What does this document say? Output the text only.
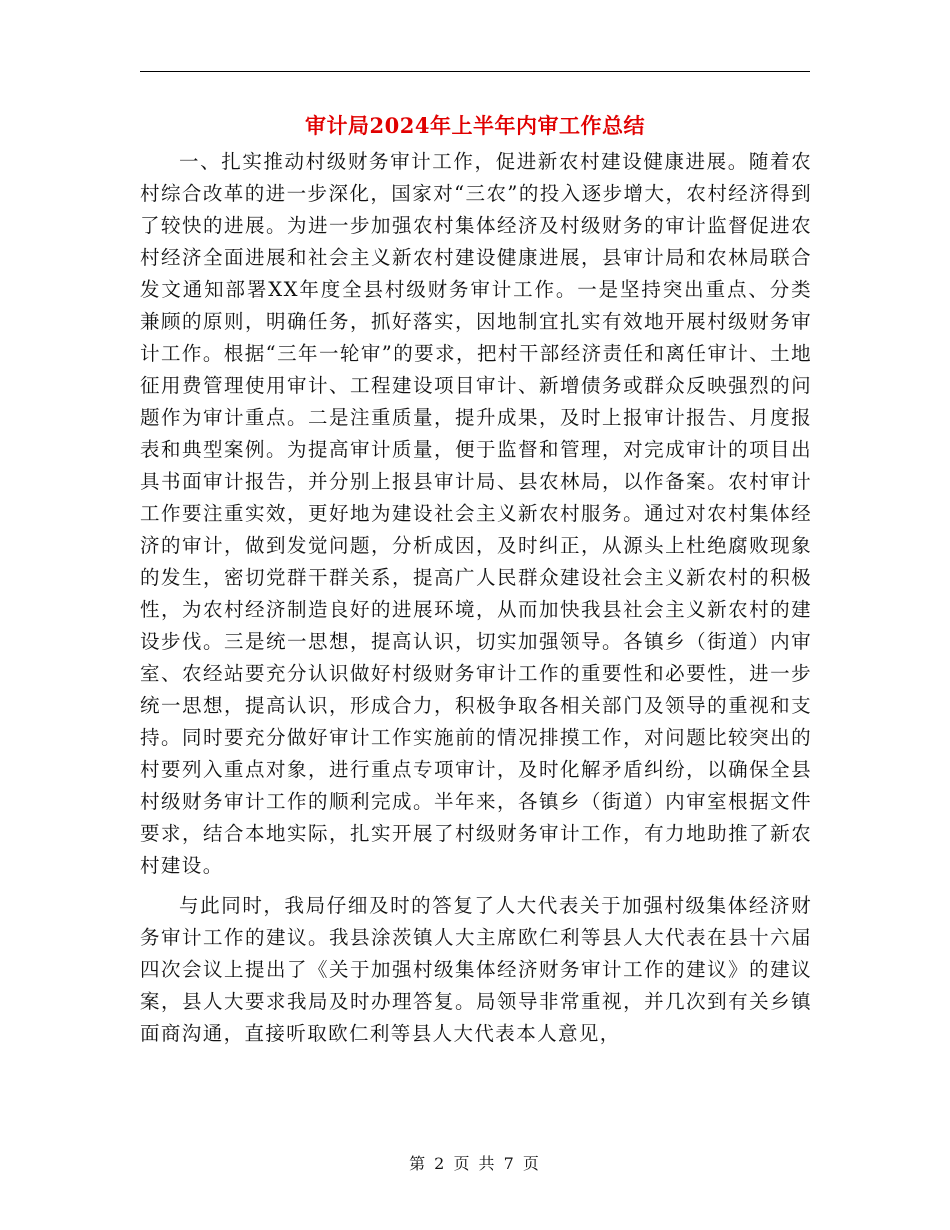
审计局2024年上半年内审工作总结

一、扎实推动村级财务审计工作，促进新农村建设健康进展。随着农村综合改革的进一步深化，国家对“三农”的投入逐步增大，农村经济得到了较快的进展。为进一步加强农村集体经济及村级财务的审计监督促进农村经济全面进展和社会主义新农村建设健康进展，县审计局和农林局联合发文通知部署XX年度全县村级财务审计工作。一是坚持突出重点、分类兼顾的原则，明确任务，抓好落实，因地制宜扎实有效地开展村级财务审计工作。根据“三年一轮审”的要求，把村干部经济责任和离任审计、土地征用费管理使用审计、工程建设项目审计、新增债务或群众反映强烈的问题作为审计重点。二是注重质量，提升成果，及时上报审计报告、月度报表和典型案例。为提高审计质量，便于监督和管理，对完成审计的项目出具书面审计报告，并分别上报县审计局、县农林局，以作备案。农村审计工作要注重实效，更好地为建设社会主义新农村服务。通过对农村集体经济的审计，做到发觉问题，分析成因，及时纠正，从源头上杜绝腐败现象的发生，密切党群干群关系，提高广人民群众建设社会主义新农村的积极性，为农村经济制造良好的进展环境，从而加快我县社会主义新农村的建设步伐。三是统一思想，提高认识，切实加强领导。各镇乡（街道）内审室、农经站要充分认识做好村级财务审计工作的重要性和必要性，进一步统一思想，提高认识，形成合力，积极争取各相关部门及领导的重视和支持。同时要充分做好审计工作实施前的情况排摸工作，对问题比较突出的村要列入重点对象，进行重点专项审计，及时化解矛盾纠纷，以确保全县村级财务审计工作的顺利完成。半年来，各镇乡（街道）内审室根据文件要求，结合本地实际，扎实开展了村级财务审计工作，有力地助推了新农村建设。

与此同时，我局仔细及时的答复了人大代表关于加强村级集体经济财务审计工作的建议。我县涂茨镇人大主席欧仁利等县人大代表在县十六届四次会议上提出了《关于加强村级集体经济财务审计工作的建议》的建议案，县人大要求我局及时办理答复。局领导非常重视，并几次到有关乡镇面商沟通，直接听取欧仁利等县人大代表本人意见，

第 2 页 共 7 页
